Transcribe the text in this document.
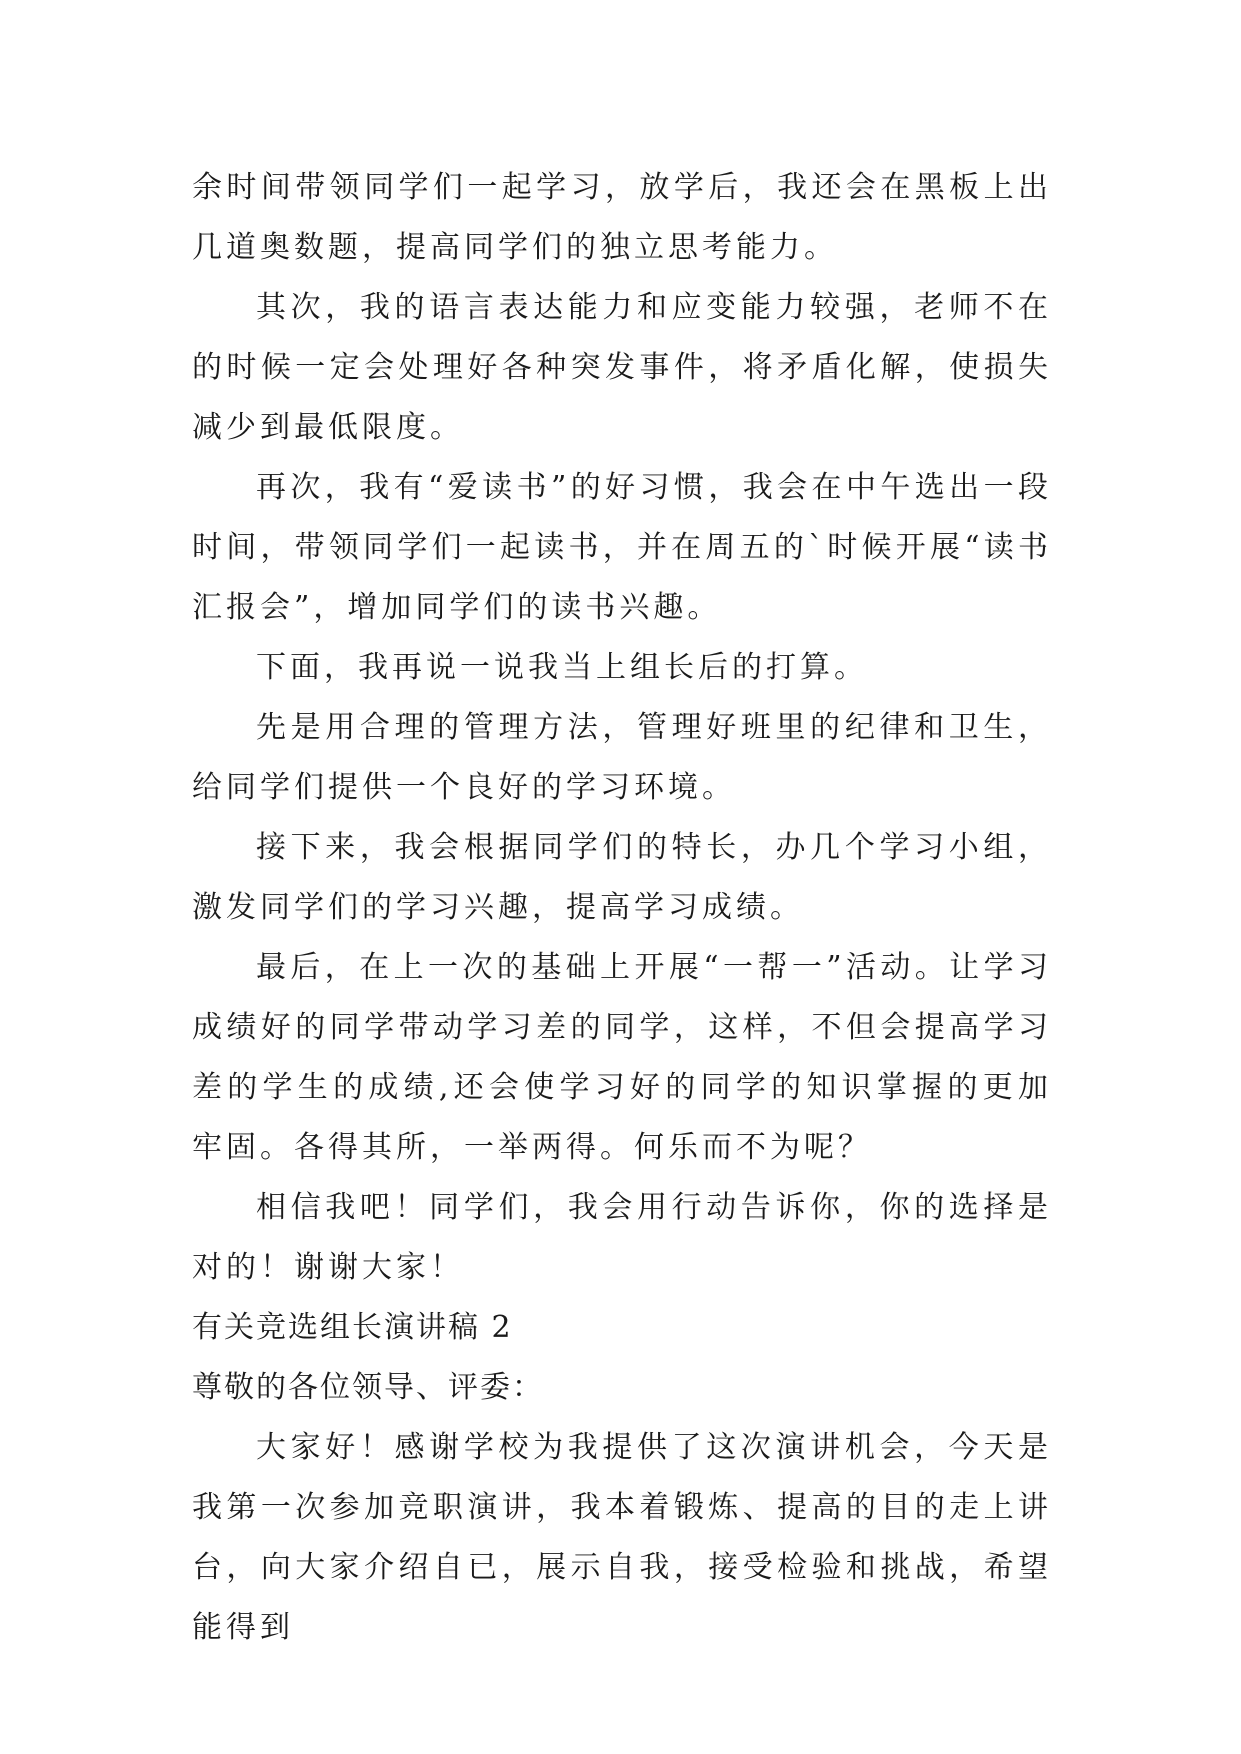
余时间带领同学们一起学习，放学后，我还会在黑板上出几道奥数题，提高同学们的独立思考能力。

其次，我的语言表达能力和应变能力较强，老师不在的时候一定会处理好各种突发事件，将矛盾化解，使损失减少到最低限度。

再次，我有“爱读书”的好习惯，我会在中午选出一段时间，带领同学们一起读书，并在周五的`时候开展“读书汇报会”，增加同学们的读书兴趣。

下面，我再说一说我当上组长后的打算。

先是用合理的管理方法，管理好班里的纪律和卫生，给同学们提供一个良好的学习环境。

接下来，我会根据同学们的特长，办几个学习小组，激发同学们的学习兴趣，提高学习成绩。

最后，在上一次的基础上开展“一帮一”活动。让学习成绩好的同学带动学习差的同学，这样，不但会提高学习差的学生的成绩,还会使学习好的同学的知识掌握的更加牢固。各得其所，一举两得。何乐而不为呢？

相信我吧！同学们，我会用行动告诉你，你的选择是对的！谢谢大家！

有关竞选组长演讲稿 2

尊敬的各位领导、评委：

大家好！感谢学校为我提供了这次演讲机会，今天是我第一次参加竞职演讲，我本着锻炼、提高的目的走上讲台，向大家介绍自已，展示自我，接受检验和挑战，希望能得到
